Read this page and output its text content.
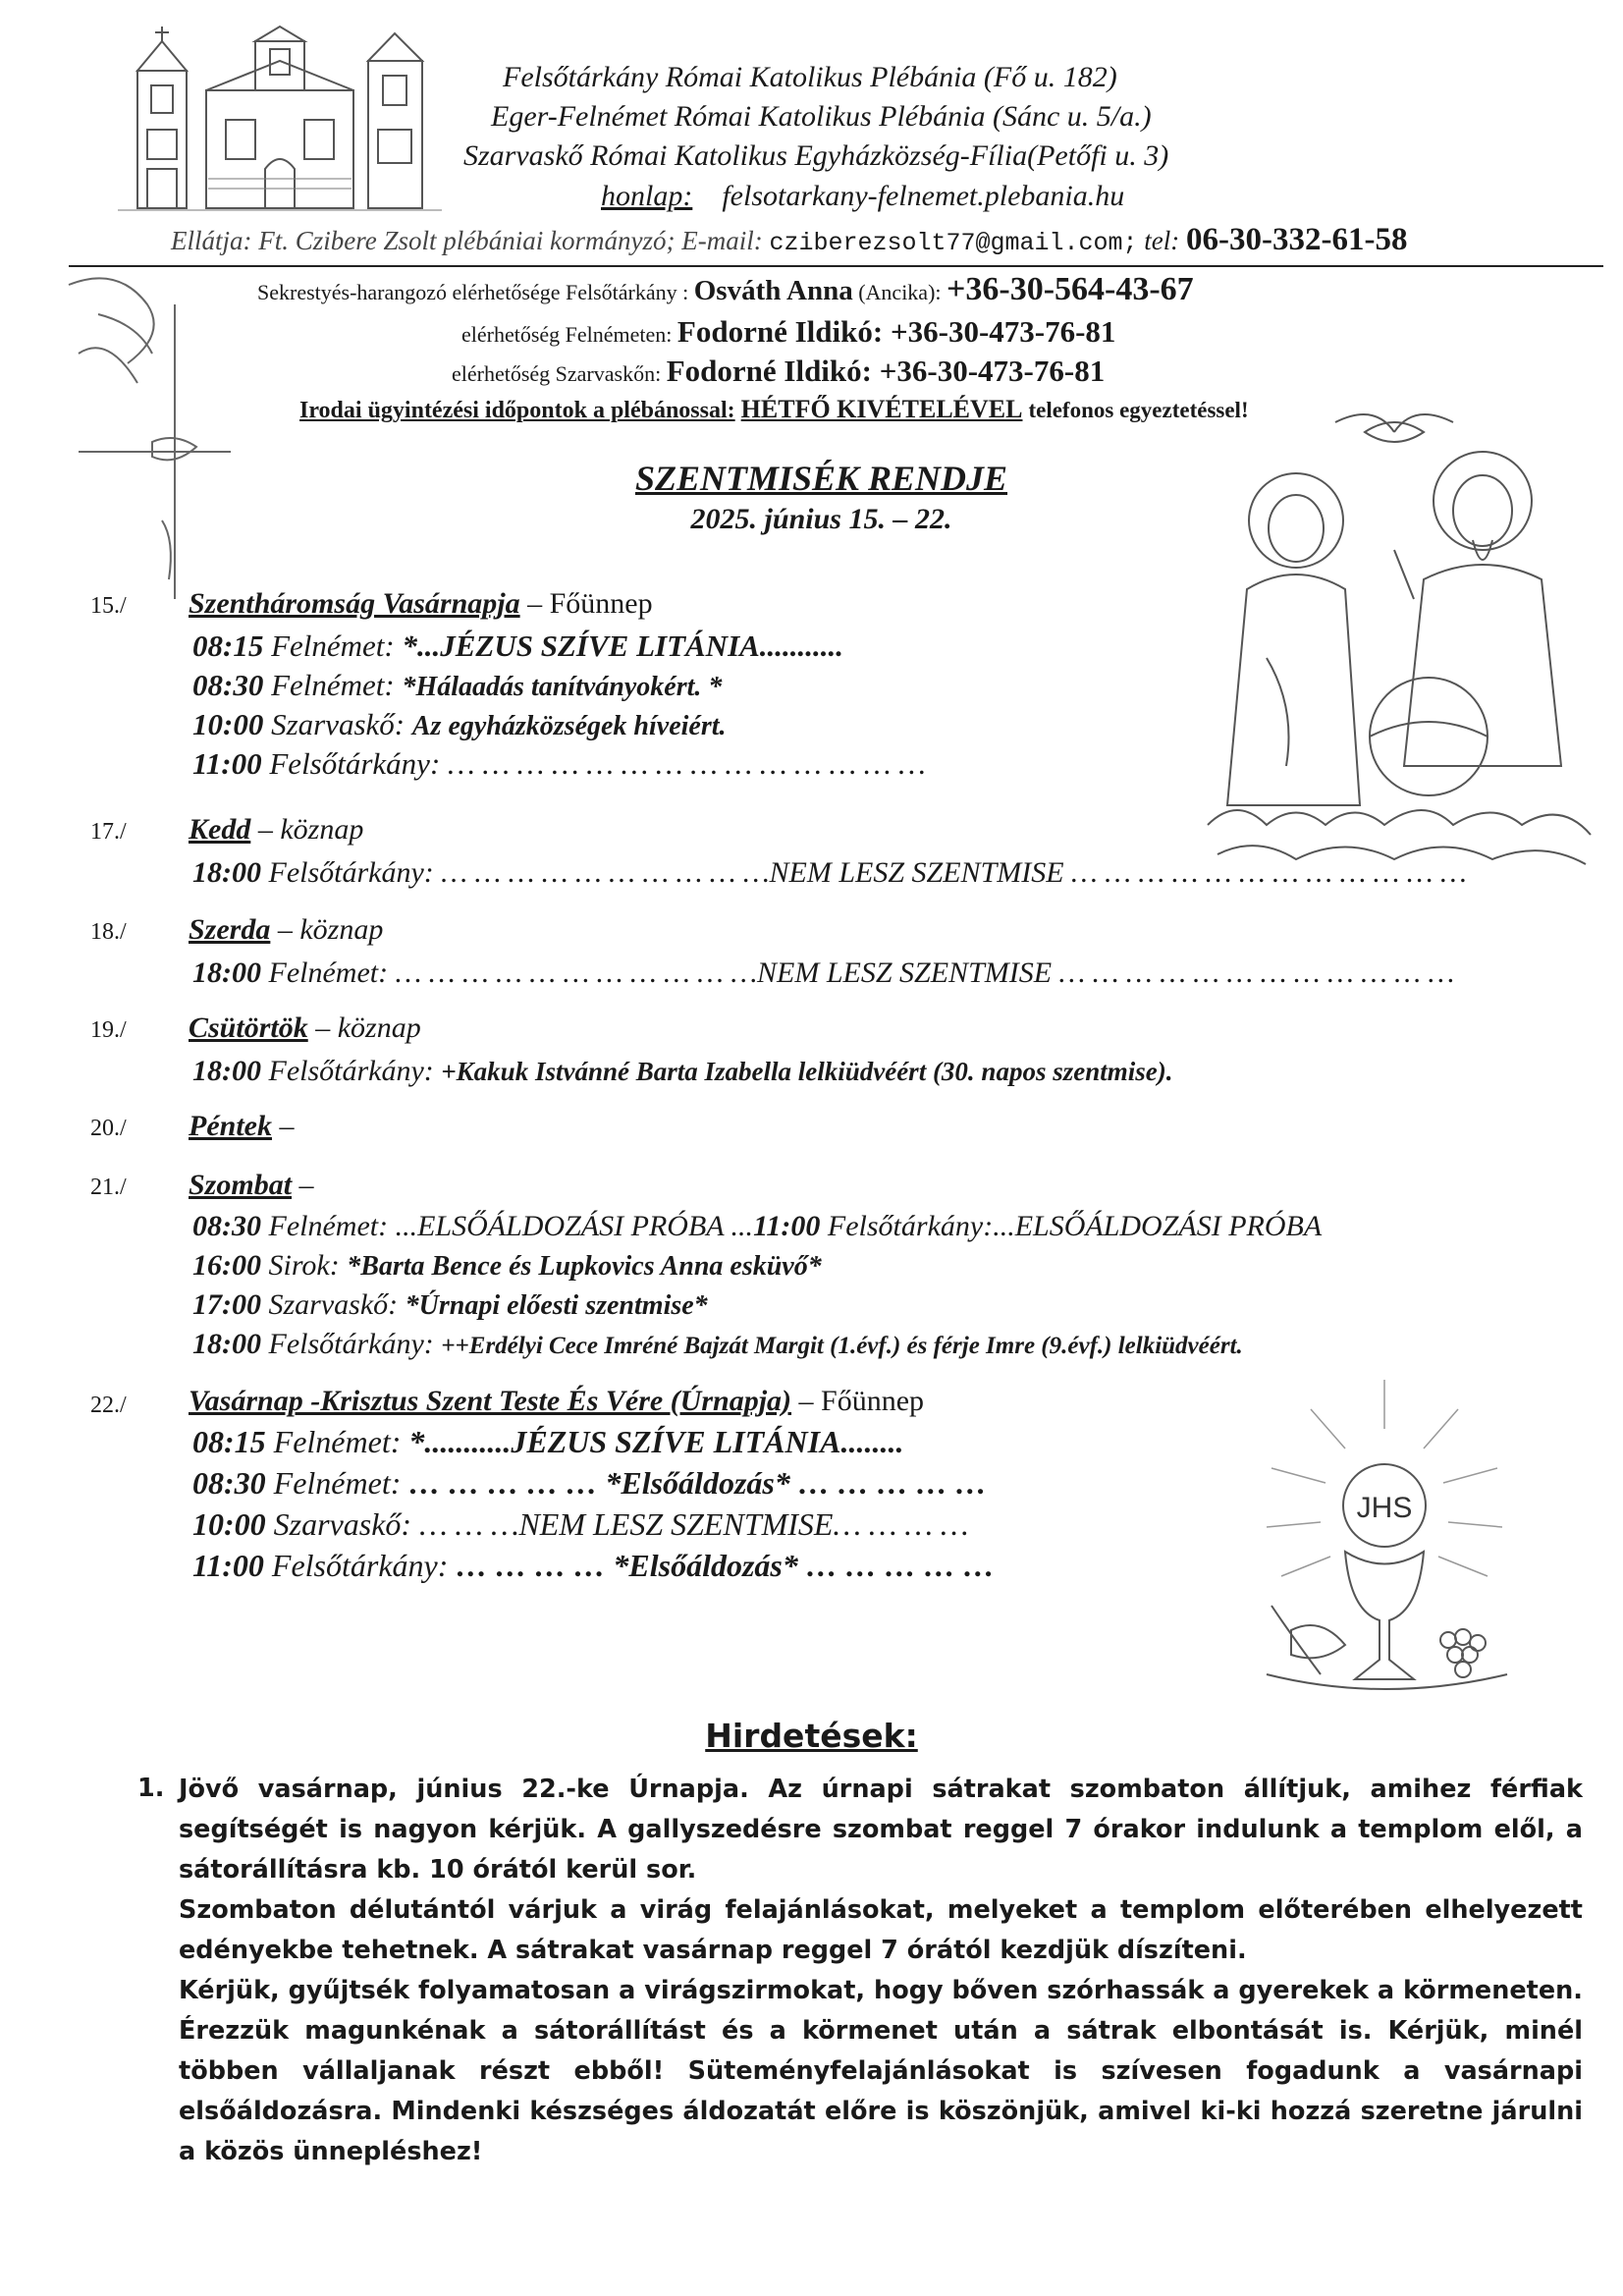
JHS
Felsőtárkány Római Katolikus Plébánia (Fő u. 182)
Eger-Felnémet Római Katolikus Plébánia (Sánc u. 5/a.)
Szarvaskő Római Katolikus Egyházközség-Fília(Petőfi u. 3)
honlap: felsotarkany-felnemet.plebania.hu
Ellátja: Ft. Czibere Zsolt plébániai kormányzó; E-mail: cziberezsolt77@gmail.com; tel: 06-30-332-61-58
Sekrestyés-harangozó elérhetősége Felsőtárkány : Osváth Anna (Ancika): +36-30-564-43-67
elérhetőség Felnémeten: Fodorné Ildikó: +36-30-473-76-81
elérhetőség Szarvaskőn: Fodorné Ildikó: +36-30-473-76-81
Irodai ügyintézési időpontok a plébánossal: HÉTFŐ KIVÉTELÉVEL telefonos egyeztetéssel!
SZENTMISÉK RENDJE
2025. június 15. – 22.
15./ Szentháromság Vasárnapja – Főünnep
08:15 Felnémet: *...JÉZUS SZÍVE LITÁNIA...........
08:30 Felnémet: *Hálaadás tanítványokért. *
10:00 Szarvaskő: Az egyházközségek híveiért.
11:00 Felsőtárkány: … … … … … … … … … … … … … …
17./ Kedd – köznap
18:00 Felsőtárkány: … … … … … … … … … …NEM LESZ SZENTMISE … … … … … … … … … … … …
18./ Szerda – köznap
18:00 Felnémet: … … … … … … … … … … …NEM LESZ SZENTMISE … … … … … … … … … … … …
19./ Csütörtök – köznap
18:00 Felsőtárkány: +Kakuk Istvánné Barta Izabella lelkiüdvéért (30. napos szentmise).
20./ Péntek –
21./ Szombat –
08:30 Felnémet: ...ELSŐÁLDOZÁSI PRÓBA ...11:00 Felsőtárkány:...ELSŐÁLDOZÁSI PRÓBA
16:00 Sirok: *Barta Bence és Lupkovics Anna esküvő*
17:00 Szarvaskő: *Úrnapi előesti szentmise*
18:00 Felsőtárkány: ++Erdélyi Cece Imréné Bajzát Margit (1.évf.) és férje Imre (9.évf.) lelkiüdvéért.
22./ Vasárnap -Krisztus Szent Teste És Vére (Úrnapja) – Főünnep
08:15 Felnémet: *...........JÉZUS SZÍVE LITÁNIA........
08:30 Felnémet: … … … … … *Elsőáldozás* … … … … …
10:00 Szarvaskő: … … …NEM LESZ SZENTMISE… … … …
11:00 Felsőtárkány: … … … … *Elsőáldozás* … … … … …
Hirdetések:
1. Jövő vasárnap, június 22.-ke Úrnapja. Az úrnapi sátrakat szombaton állítjuk, amihez férfiak segítségét is nagyon kérjük. A gallyszedésre szombat reggel 7 órakor indulunk a templom elől, a sátorállításra kb. 10 órától kerül sor.

Szombaton délutántól várjuk a virág felajánlásokat, melyeket a templom előterében elhelyezett edényekbe tehetnek. A sátrakat vasárnap reggel 7 órától kezdjük díszíteni.

Kérjük, gyűjtsék folyamatosan a virágszirmokat, hogy bőven szórhassák a gyerekek a körmeneten. Érezzük magunkénak a sátorállítást és a körmenet után a sátrak elbontását is. Kérjük, minél többen vállaljanak részt ebből! Süteményfelajánlásokat is szívesen fogadunk a vasárnapi elsőáldozásra. Mindenki készséges áldozatát előre is köszönjük, amivel ki-ki hozzá szeretne járulni a közös ünnepléshez!
